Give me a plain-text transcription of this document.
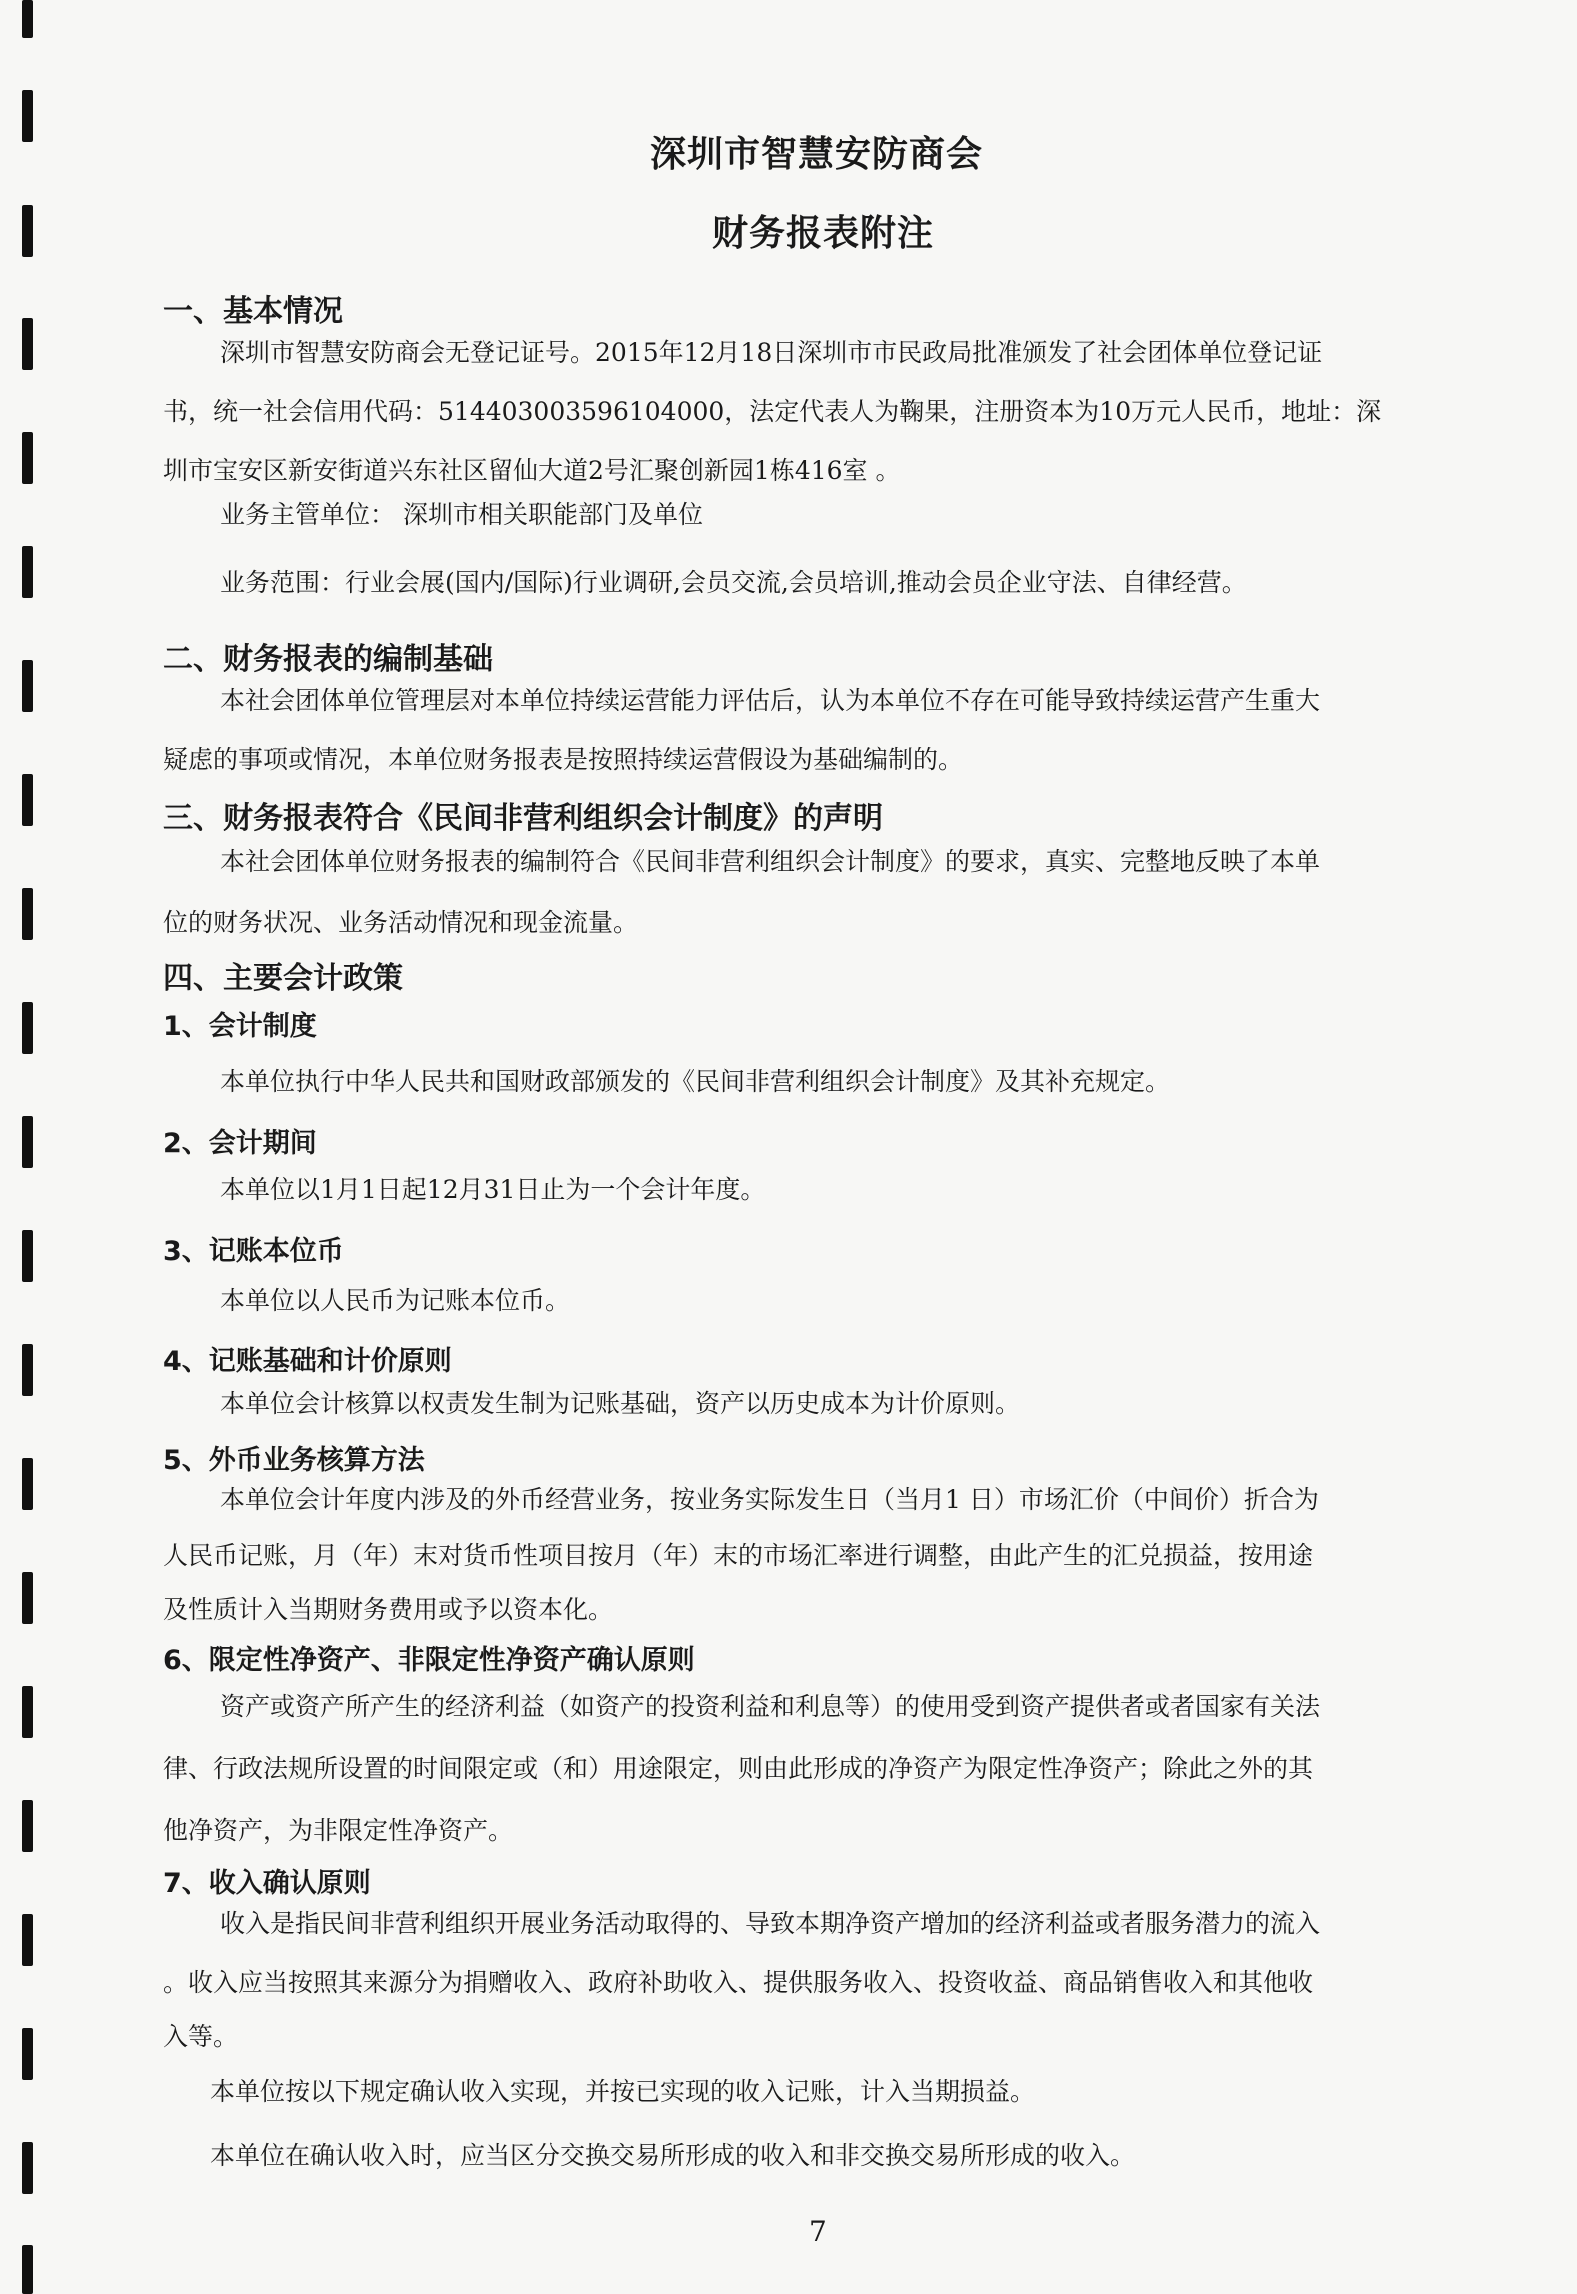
深圳市智慧安防商会
财务报表附注
一、基本情况
深圳市智慧安防商会无登记证号。2015年12月18日深圳市市民政局批准颁发了社会团体单位登记证
书，统一社会信用代码：514403003596104000，法定代表人为鞠果，注册资本为10万元人民币，地址：深
圳市宝安区新安街道兴东社区留仙大道2号汇聚创新园1栋416室 。
业务主管单位： 深圳市相关职能部门及单位
业务范围：行业会展(国内/国际)行业调研,会员交流,会员培训,推动会员企业守法、自律经营。
二、财务报表的编制基础
本社会团体单位管理层对本单位持续运营能力评估后，认为本单位不存在可能导致持续运营产生重大
疑虑的事项或情况，本单位财务报表是按照持续运营假设为基础编制的。
三、财务报表符合《民间非营利组织会计制度》的声明
本社会团体单位财务报表的编制符合《民间非营利组织会计制度》的要求，真实、完整地反映了本单
位的财务状况、业务活动情况和现金流量。
四、主要会计政策
1、会计制度
本单位执行中华人民共和国财政部颁发的《民间非营利组织会计制度》及其补充规定。
2、会计期间
本单位以1月1日起12月31日止为一个会计年度。
3、记账本位币
本单位以人民币为记账本位币。
4、记账基础和计价原则
本单位会计核算以权责发生制为记账基础，资产以历史成本为计价原则。
5、外币业务核算方法
本单位会计年度内涉及的外币经营业务，按业务实际发生日（当月1 日）市场汇价（中间价）折合为
人民币记账，月（年）末对货币性项目按月（年）末的市场汇率进行调整，由此产生的汇兑损益，按用途
及性质计入当期财务费用或予以资本化。
6、限定性净资产、非限定性净资产确认原则
资产或资产所产生的经济利益（如资产的投资利益和利息等）的使用受到资产提供者或者国家有关法
律、行政法规所设置的时间限定或（和）用途限定，则由此形成的净资产为限定性净资产；除此之外的其
他净资产，为非限定性净资产。
7、收入确认原则
收入是指民间非营利组织开展业务活动取得的、导致本期净资产增加的经济利益或者服务潜力的流入
。收入应当按照其来源分为捐赠收入、政府补助收入、提供服务收入、投资收益、商品销售收入和其他收
入等。
本单位按以下规定确认收入实现，并按已实现的收入记账，计入当期损益。
本单位在确认收入时，应当区分交换交易所形成的收入和非交换交易所形成的收入。
7
